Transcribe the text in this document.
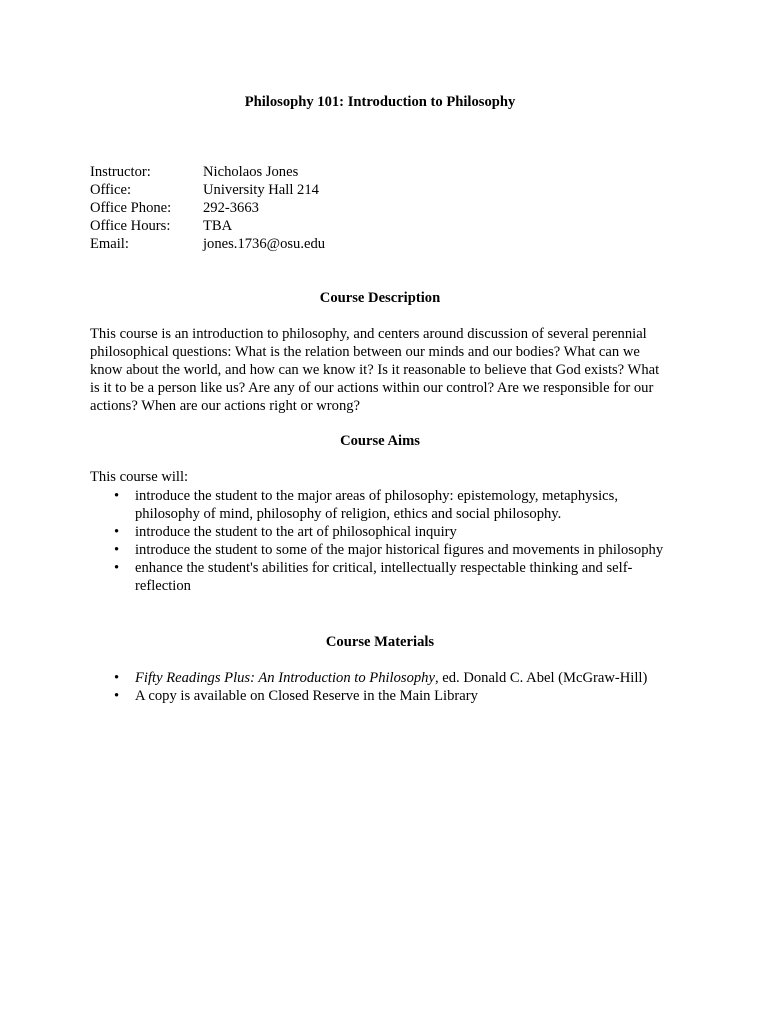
Philosophy 101: Introduction to Philosophy
Instructor:	Nicholaos Jones
Office:	University Hall 214
Office Phone:	292-3663
Office Hours:	TBA
Email:	jones.1736@osu.edu
Course Description

This course is an introduction to philosophy, and centers around discussion of several perennial philosophical questions: What is the relation between our minds and our bodies? What can we know about the world, and how can we know it? Is it reasonable to believe that God exists? What is it to be a person like us? Are any of our actions within our control? Are we responsible for our actions? When are our actions right or wrong?

Course Aims

This course will:

• introduce the student to the major areas of philosophy: epistemology, metaphysics, philosophy of mind, philosophy of religion, ethics and social philosophy.
• introduce the student to the art of philosophical inquiry
• introduce the student to some of the major historical figures and movements in philosophy
• enhance the student's abilities for critical, intellectually respectable thinking and self-reflection
Course Materials
• Fifty Readings Plus: An Introduction to Philosophy, ed. Donald C. Abel (McGraw-Hill)
• A copy is available on Closed Reserve in the Main Library
